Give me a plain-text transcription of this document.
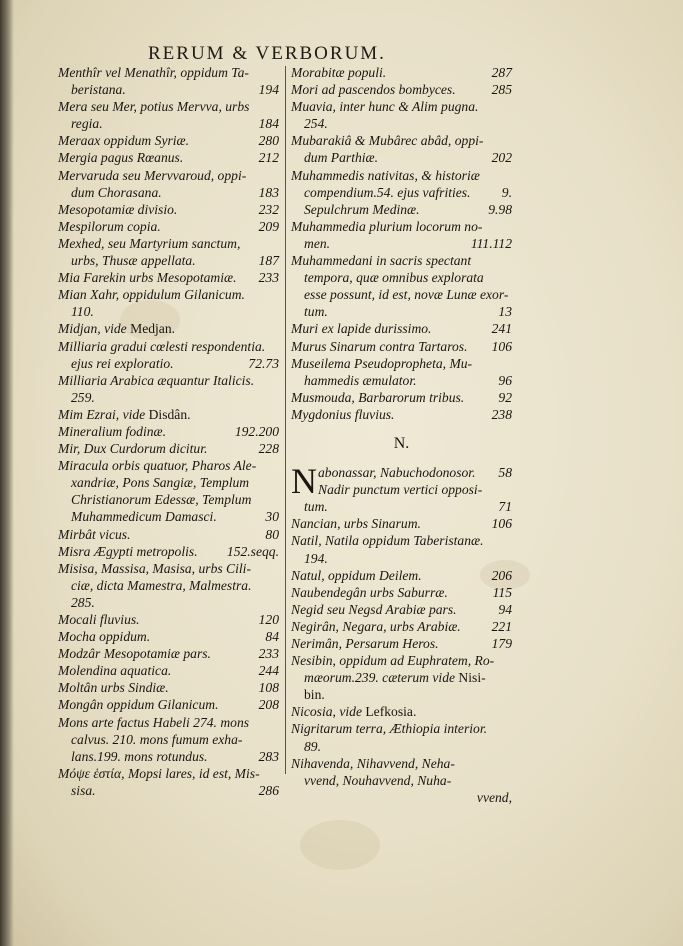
RERUM & VERBORUM.
Menthîr vel Menathîr, oppidum Ta-
beristana.	194
Mera seu Mer, potius Mervva, urbs
regia.	184
Meraax oppidum Syriæ.	280
Mergia pagus Rœanus.	212
Mervaruda seu Mervvaroud, oppi-
dum Chorasana.	183
Mesopotamiæ divisio.	232
Mespilorum copia.	209
Mexhed, seu Martyrium sanctum,
urbs, Thusæ appellata.	187
Mia Farekin urbs Mesopotamiæ. 233
Mian Xahr, oppidulum Gilanicum.
110.
Midjan, vide Medjan.
Milliaria gradui cœlesti respondentia.
ejus rei exploratio.	72.73
Milliaria Arabica æquantur Italicis.
259.
Mim Ezrai, vide Disdân.
Mineralium fodinæ.	192.200
Mir, Dux Curdorum dicitur.	228
Miracula orbis quatuor, Pharos Ale-
xandriæ, Pons Sangiæ, Templum
Christianorum Edessæ, Templum
Muhammedicum Damasci.	30
Mirbât vicus.	80
Misra Ægypti metropolis. 152.seqq.
Misisa, Massisa, Masisa, urbs Cili-
ciæ, dicta Mamestra, Malmestra.
285.
Mocali fluvius.	120
Mocha oppidum.	84
Modzâr Mesopotamiæ pars.	233
Molendina aquatica.	244
Moltân urbs Sindiæ.	108
Mongân oppidum Gilanicum.	208
Mons arte factus Habeli 274. mons
calvus. 210. mons fumum exha-
lans.199. mons rotundus.	283
Μόψε ἑστία, Mopsi lares, id est, Mis-
sisa.	286
Morabitæ populi.	287
Mori ad pascendos bombyces.	285
Muavia, inter hunc & Alim pugna.
254.
Mubarakiâ & Mubârec abâd, oppi-
dum Parthiæ.	202
Muhammedis nativitas, & historiæ
compendium.54. ejus vafrities. 9.
Sepulchrum Medinæ.	9.98
Muhammedia plurium locorum no-
men.	111.112
Muhammedani in sacris spectant
tempora, quæ omnibus explorata
esse possunt, id est, novæ Lunæ exor-
tum.	13
Muri ex lapide durissimo.	241
Murus Sinarum contra Tartaros. 106
Museilema Pseudopropheta, Mu-
hammedis æmulator.	96
Musmouda, Barbarorum tribus.	92
Mygdonius fluvius.	238
N.
N abonassar, Nabuchodonosor. 58
Nadir punctum vertici opposi-
tum.	71
Nancian, urbs Sinarum.	106
Natil, Natila oppidum Taberistanæ.
194.
Natul, oppidum Deilem.	206
Naubendegân urbs Saburræ.	115
Negid seu Negsd Arabiæ pars.	94
Negirân, Negara, urbs Arabiæ. 221
Nerimân, Persarum Heros.	179
Nesibin, oppidum ad Euphratem, Ro-
mæorum.239. cæterum vide Nisi-
bin.
Nicosia, vide Lefkosia.
Nigritarum terra, Æthiopia interior.
89.
Nihavenda, Nihavvend, Neha-
vvend, Nouhavvend, Nuha-
vvend,
